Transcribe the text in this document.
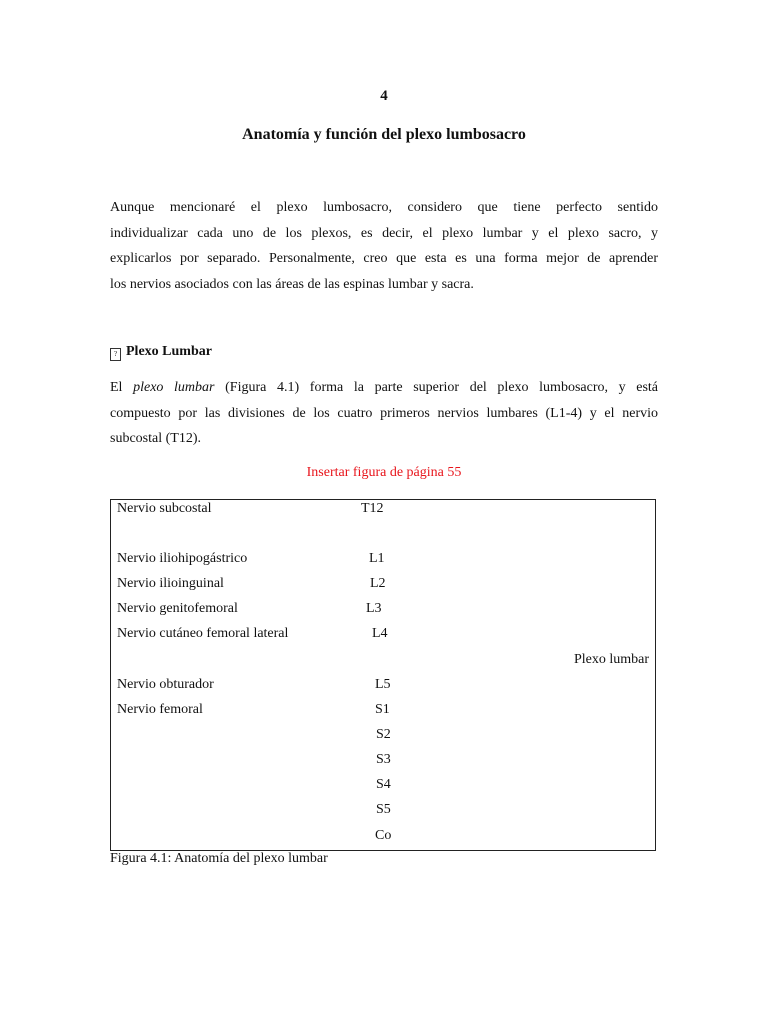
4
Anatomía y función del plexo lumbosacro
Aunque mencionaré el plexo lumbosacro, considero que tiene perfecto sentido
individualizar cada uno de los plexos, es decir, el plexo lumbar y el plexo sacro, y
explicarlos por separado. Personalmente, creo que esta es una forma mejor de aprender
los nervios asociados con las áreas de las espinas lumbar y sacra.
? Plexo Lumbar
El plexo lumbar (Figura 4.1) forma la parte superior del plexo lumbosacro, y está
compuesto por las divisiones de los cuatro primeros nervios lumbares (L1-4) y el nervio
subcostal (T12).
Insertar figura de página 55
Nervio subcostal
Nervio iliohipogástrico
Nervio ilioinguinal
Nervio genitofemoral
Nervio cutáneo femoral lateral
Nervio obturador
Nervio femoral
T12
L1
L2
L3
L4
L5
S1
S2
S3
S4
S5
Co
Plexo lumbar
Figura 4.1: Anatomía del plexo lumbar
